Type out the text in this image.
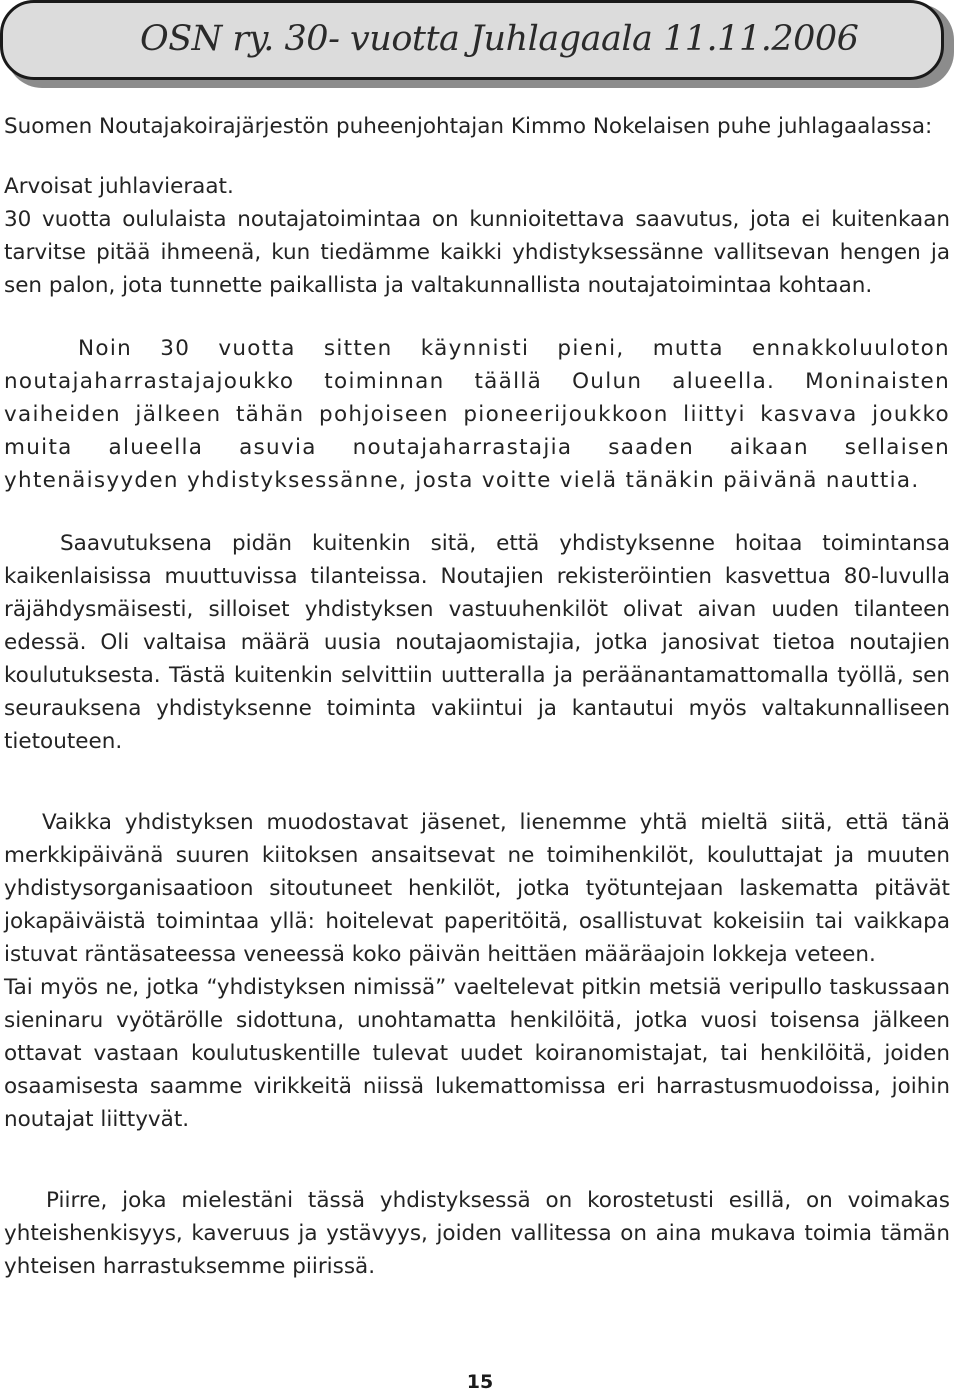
OSN ry. 30- vuotta Juhlagaala 11.11.2006

Suomen Noutajakoirajärjestön puheenjohtajan Kimmo Nokelaisen puhe juhlagaalassa:

Arvoisat juhlavieraat.

30 vuotta oululaista noutajatoimintaa on kunnioitettava saavutus, jota ei kuitenkaan tarvitse pitää ihmeenä, kun tiedämme kaikki yhdistyksessänne vallitsevan hengen ja sen palon, jota tunnette paikallista ja valtakunnallista noutajatoimintaa kohtaan.

Noin 30 vuotta sitten käynnisti pieni, mutta ennakkoluuloton noutajaharrastajajoukko toiminnan täällä Oulun alueella. Moninaisten vaiheiden jälkeen tähän pohjoiseen pioneerijoukkoon liittyi kasvava joukko muita alueella asuvia noutajaharrastajia saaden aikaan sellaisen yhtenäisyyden yhdistyksessänne, josta voitte vielä tänäkin päivänä nauttia.

Saavutuksena pidän kuitenkin sitä, että yhdistyksenne hoitaa toimintansa kaikenlaisissa muuttuvissa tilanteissa. Noutajien rekisteröintien kasvettua 80-luvulla räjähdysmäisesti, silloiset yhdistyksen vastuuhenkilöt olivat aivan uuden tilanteen edessä. Oli valtaisa määrä uusia noutajaomistajia, jotka janosivat tietoa noutajien koulutuksesta. Tästä kuitenkin selvittiin uutteralla ja peräänantamattomalla työllä, sen seurauksena yhdistyksenne toiminta vakiintui ja kantautui myös valtakunnalliseen tietouteen.

Vaikka yhdistyksen muodostavat jäsenet, lienemme yhtä mieltä siitä, että tänä merkkipäivänä suuren kiitoksen ansaitsevat ne toimihenkilöt, kouluttajat ja muuten yhdistysorganisaatioon sitoutuneet henkilöt, jotka työtuntejaan laskematta pitävät jokapäiväistä toimintaa yllä: hoitelevat paperitöitä, osallistuvat kokeisiin tai vaikkapa istuvat räntäsateessa veneessä koko päivän heittäen määräajoin lokkeja veteen.

Tai myös ne, jotka “yhdistyksen nimissä” vaeltelevat pitkin metsiä veripullo taskussaan sieninaru vyötärölle sidottuna, unohtamatta henkilöitä, jotka vuosi toisensa jälkeen ottavat vastaan koulutuskentille tulevat uudet koiranomistajat, tai henkilöitä, joiden osaamisesta saamme virikkeitä niissä lukemattomissa eri harrastusmuodoissa, joihin noutajat liittyvät.

Piirre, joka mielestäni tässä yhdistyksessä on korostetusti esillä, on voimakas yhteishenkisyys, kaveruus ja ystävyys, joiden vallitessa on aina mukava toimia tämän yhteisen harrastuksemme piirissä.

15
